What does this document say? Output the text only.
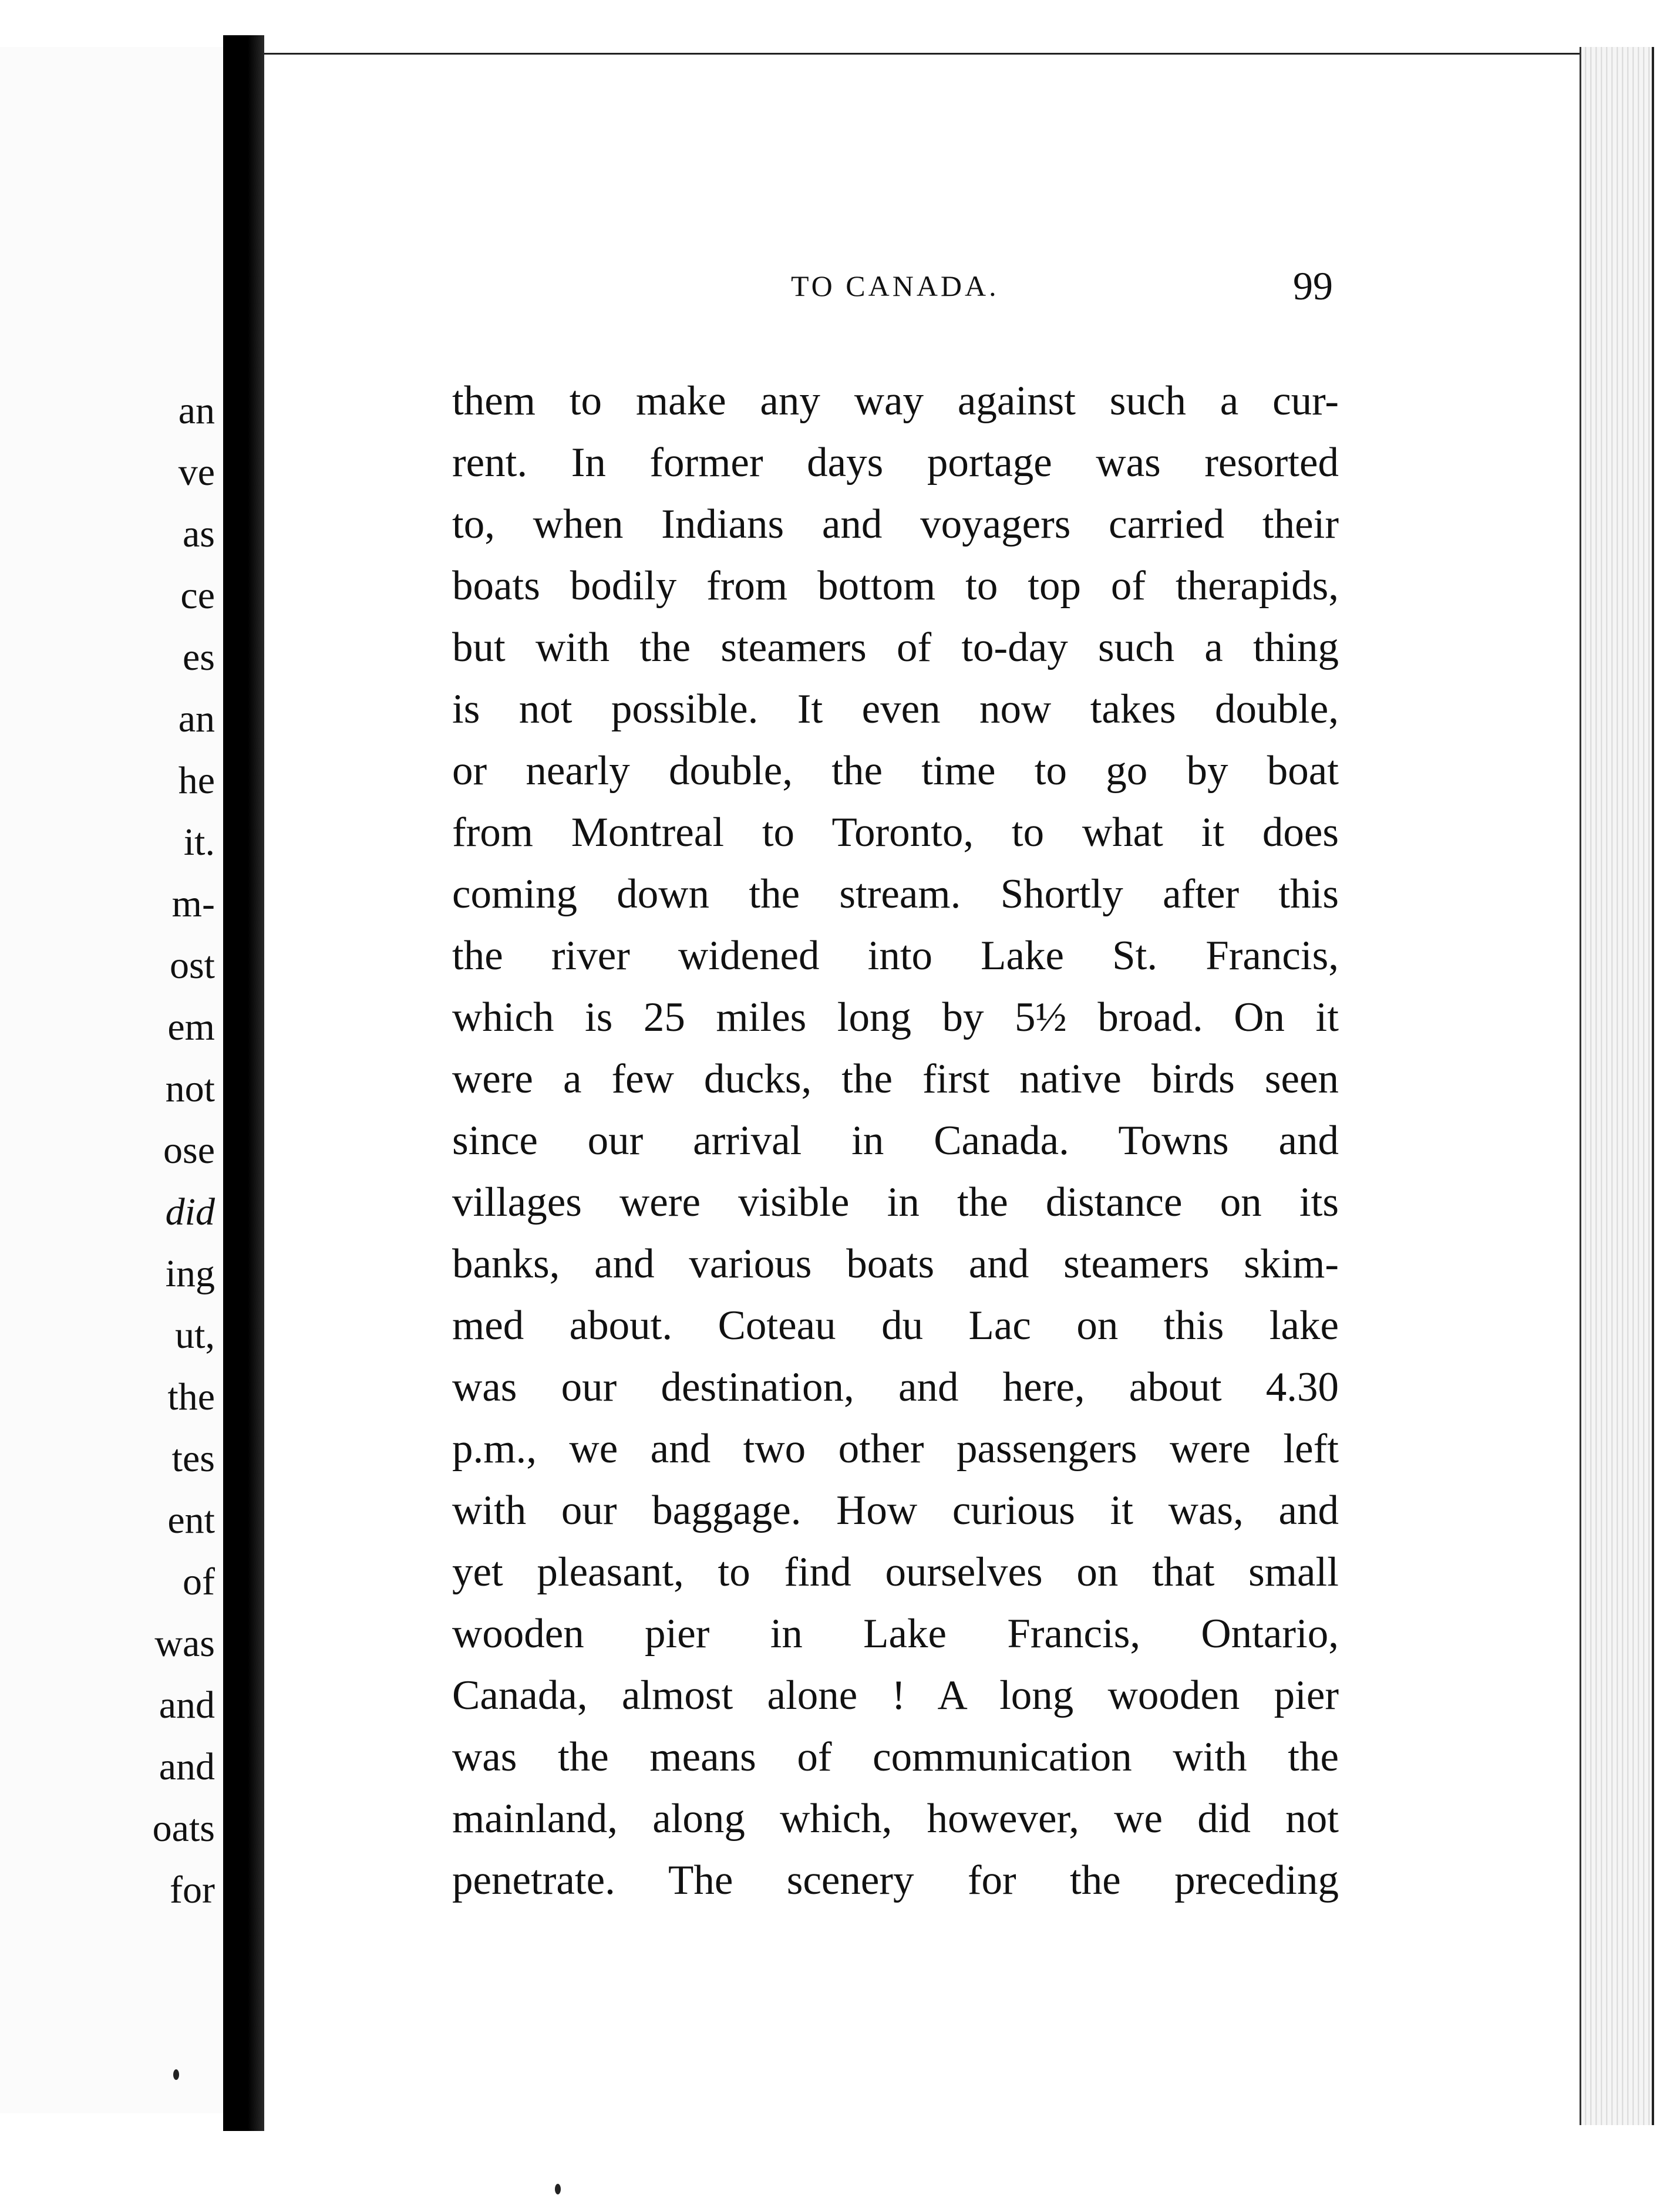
an
ve
as
ce
es
an
he
it.
m-
ost
em
not
ose
did
ing
ut,
the
tes
ent
of
was
and
and
oats
for
TO CANADA.	99
them to make any way against such a cur-
rent. In former days portage was resorted
to, when Indians and voyagers carried their
boats bodily from bottom to top of therapids,
but with the steamers of to-day such a thing
is not possible. It even now takes double,
or nearly double, the time to go by boat
from Montreal to Toronto, to what it does
coming down the stream. Shortly after this
the river widened into Lake St. Francis,
which is 25 miles long by 5½ broad. On it
were a few ducks, the first native birds seen
since our arrival in Canada. Towns and
villages were visible in the distance on its
banks, and various boats and steamers skim-
med about. Coteau du Lac on this lake
was our destination, and here, about 4.30
p.m., we and two other passengers were left
with our baggage. How curious it was, and
yet pleasant, to find ourselves on that small
wooden pier in Lake Francis, Ontario,
Canada, almost alone ! A long wooden pier
was the means of communication with the
mainland, along which, however, we did not
penetrate. The scenery for the preceding
